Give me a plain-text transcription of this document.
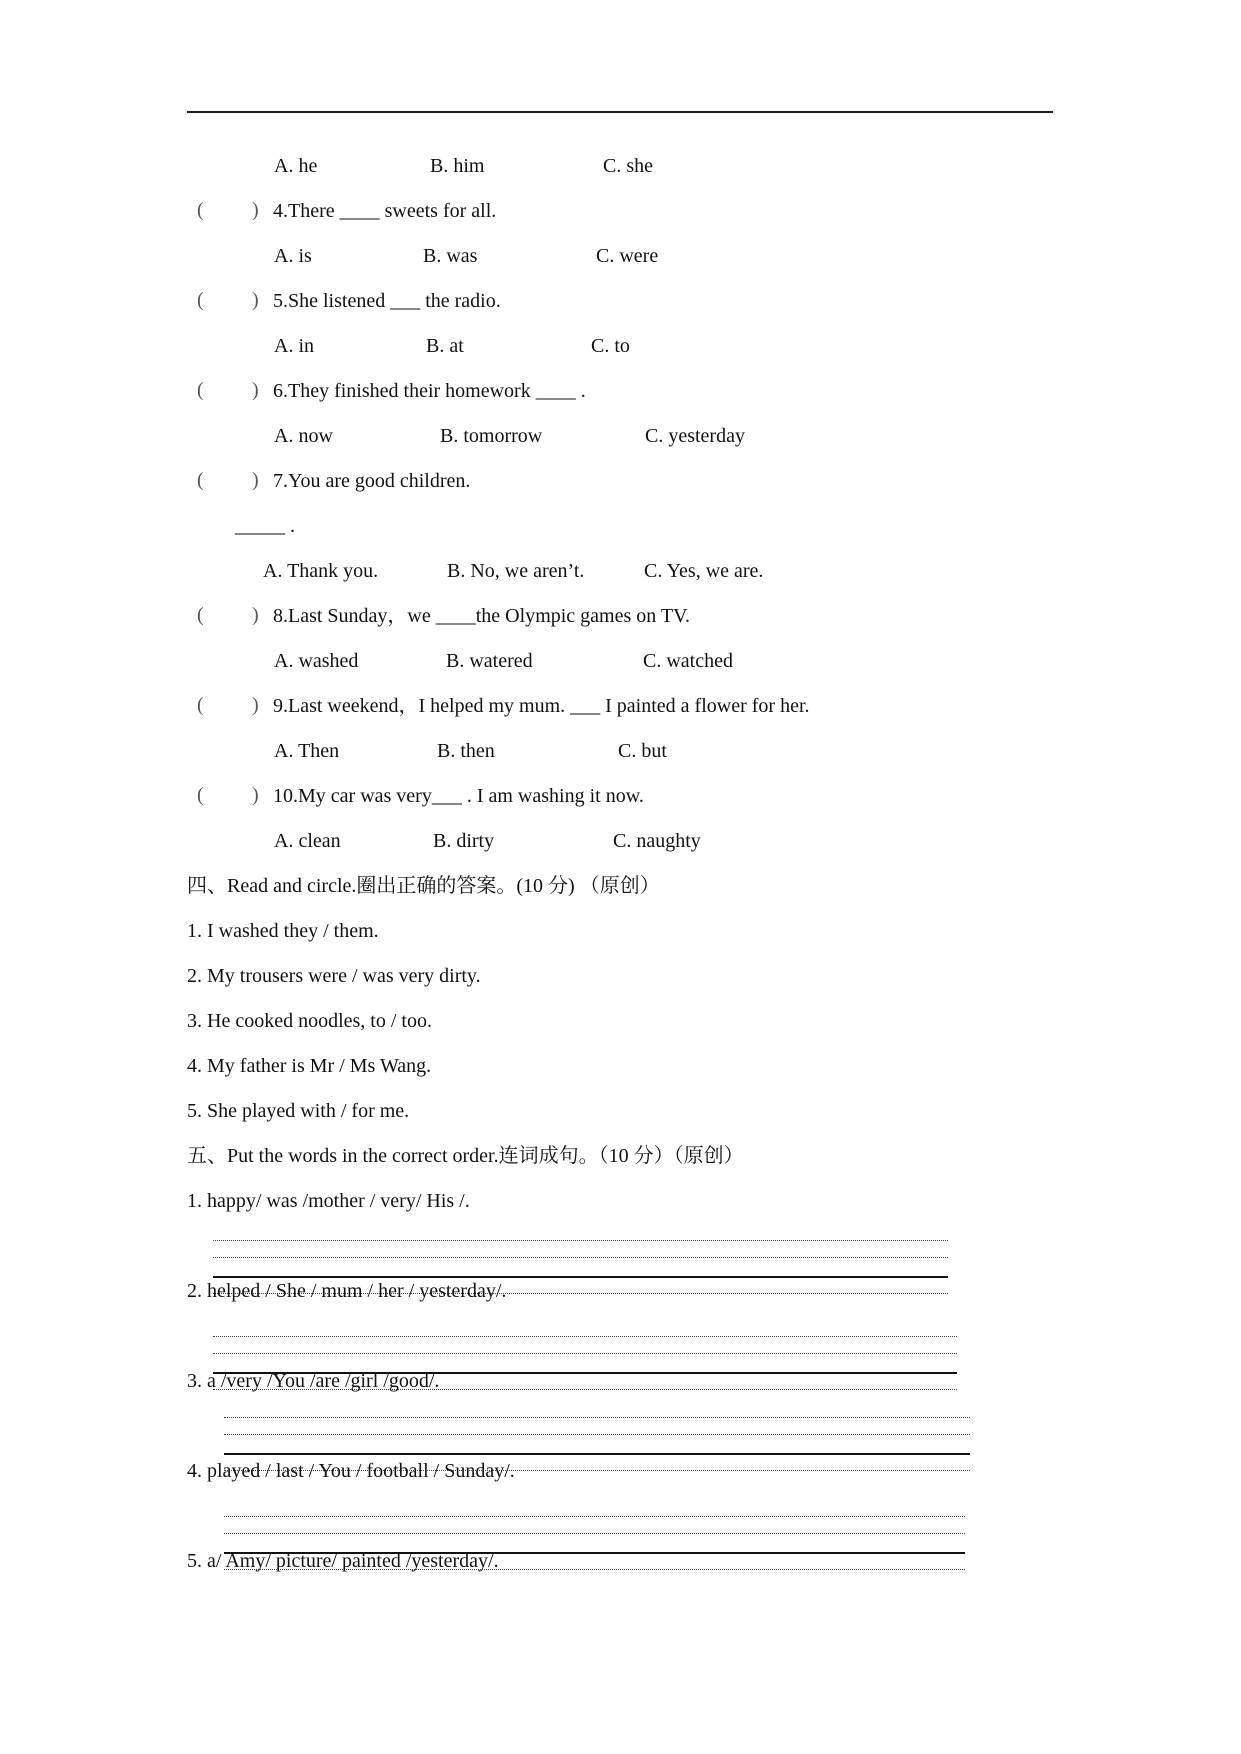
A. he	B. him	C. she
( ) 4.There ____ sweets for all.
A. is	B. was	C. were
( ) 5.She listened ___ the radio.
A. in	B. at	C. to
( ) 6.They finished their homework ____ .
A. now	B. tomorrow	C. yesterday
( ) 7.You are good children.
_____ .
A. Thank you.	B. No, we aren’t.	C. Yes, we are.
( ) 8.Last Sunday，we ____the Olympic games on TV.
A. washed	B. watered	C. watched
( ) 9.Last weekend，I helped my mum. ___ I painted a flower for her.
A. Then	B. then	C. but
( ) 10.My car was very___ . I am washing it now.
A. clean	B. dirty	C. naughty
四、Read and circle.圈出正确的答案。(10 分) （原创）
1. I washed they / them.
2. My trousers were / was very dirty.
3. He cooked noodles, to / too.
4. My father is Mr / Ms Wang.
5. She played with / for me.
五、Put the words in the correct order.连词成句。（10 分）（原创）
1. happy/ was /mother / very/ His /.
2. helped / She / mum / her / yesterday/.
3. a /very /You /are /girl /good/.
4. played / last / You / football / Sunday/.
5. a/ Amy/ picture/ painted /yesterday/.
